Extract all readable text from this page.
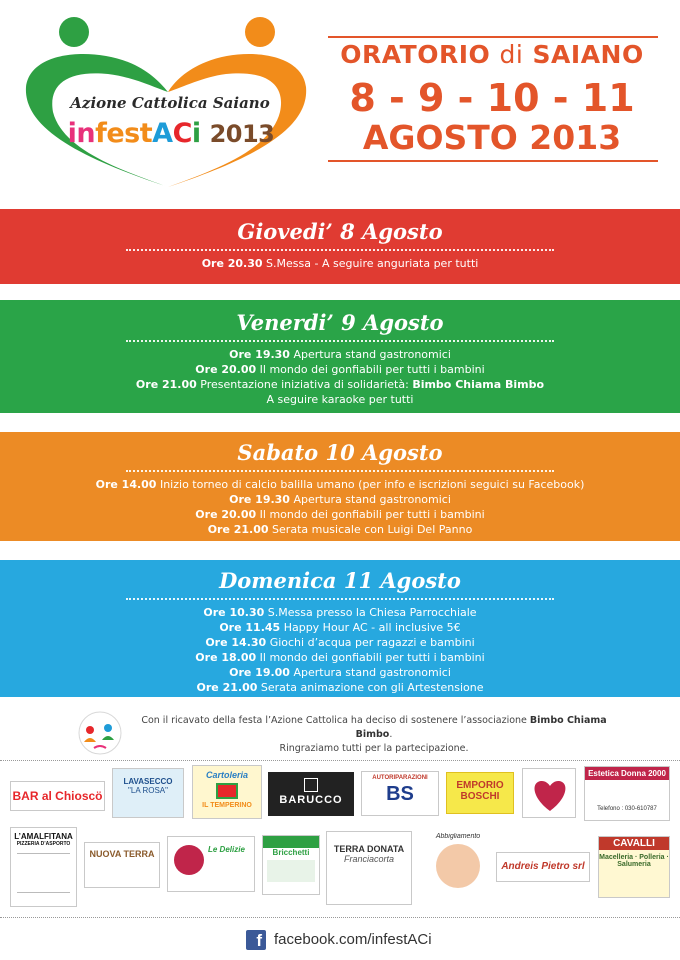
Azione Cattolica Saiano
infestACi 2013
ORATORIO di SAIANO
8 - 9 - 10 - 11
AGOSTO 2013
Giovedi’ 8 Agosto
Ore 20.30 S.Messa - A seguire anguriata per tutti
Venerdi’ 9 Agosto
Ore 19.30 Apertura stand gastronomici
Ore 20.00 Il mondo dei gonfiabili per tutti i bambini
Ore 21.00 Presentazione iniziativa di solidarietà: Bimbo Chiama Bimbo
A seguire karaoke per tutti
Sabato 10 Agosto
Ore 14.00 Inizio torneo di calcio balilla umano (per info e iscrizioni seguici su Facebook)
Ore 19.30 Apertura stand gastronomici
Ore 20.00 Il mondo dei gonfiabili per tutti i bambini
Ore 21.00 Serata musicale con Luigi Del Panno
Domenica 11 Agosto
Ore 10.30 S.Messa presso la Chiesa Parrocchiale
Ore 11.45 Happy Hour AC - all inclusive 5€
Ore 14.30 Giochi d’acqua per ragazzi e bambini
Ore 18.00 Il mondo dei gonfiabili per tutti i bambini
Ore 19.00 Apertura stand gastronomici
Ore 21.00 Serata animazione con gli Artestensione
Con il ricavato della festa l’Azione Cattolica ha deciso di sostenere l’associazione Bimbo Chiama Bimbo.
Ringraziamo tutti per la partecipazione.
BAR al Chioscö
LAVASECCO
"LA ROSA"
Cartoleria
IL TEMPERINO	BARUCCO
AUTORIPARAZIONI
BS	EMPORIO
BOSCHI
Estetica Donna 2000
Telefono : 030-610787
L’AMALFITANA
PIZZERIA D’ASPORTO
NUOVA TERRA	Le Delizie	Bricchetti	TERRA DONATA
Franciacorta
Abbigliamento
Andreis Pietro srl
CAVALLI
Macelleria · Polleria · Salumeria
f facebook.com/infestACi
